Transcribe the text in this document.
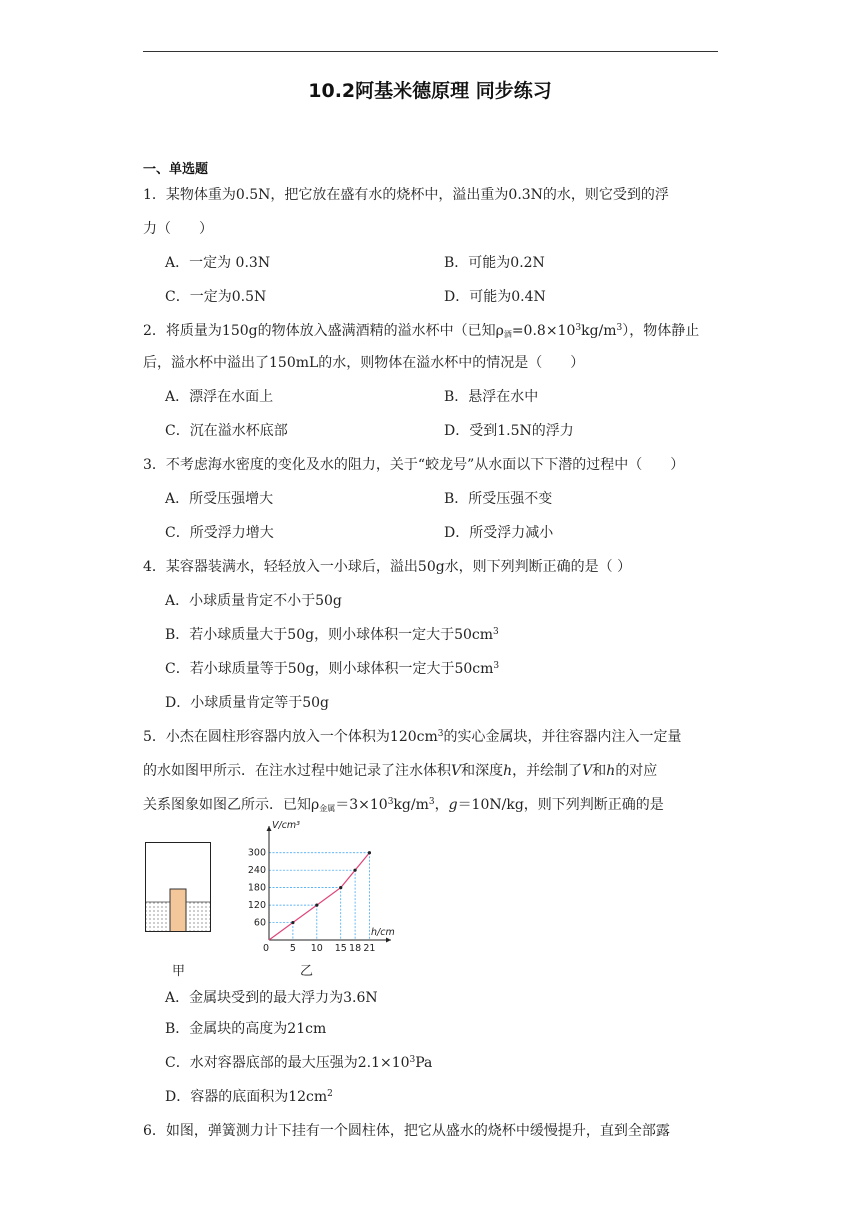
10.2阿基米德原理 同步练习
一、单选题
1．某物体重为0.5N，把它放在盛有水的烧杯中，溢出重为0.3N的水，则它受到的浮
力（　　）
A．一定为 0.3N	B．可能为0.2N
C．一定为0.5N	D．可能为0.4N
2．将质量为150g的物体放入盛满酒精的溢水杯中（已知$\rho_酒=0.8\times 10^3kg/m^3$），物体静止
后，溢水杯中溢出了150mL的水，则物体在溢水杯中的情况是（　　）
A．漂浮在水面上	B．悬浮在水中
C．沉在溢水杯底部	D．受到1.5N的浮力
3．不考虑海水密度的变化及水的阻力，关于“蛟龙号”从水面以下下潜的过程中（　　）
A．所受压强增大	B．所受压强不变
C．所受浮力增大	D．所受浮力减小
4．某容器装满水，轻轻放入一小球后，溢出50g水，则下列判断正确的是（ ）
A．小球质量肯定不小于50g
B．若小球质量大于50g，则小球体积一定大于$50cm^3$
C．若小球质量等于50g，则小球体积一定大于$50cm^3$
D．小球质量肯定等于50g
5．小杰在圆柱形容器内放入一个体积为$120cm^3$的实心金属块，并往容器内注入一定量
的水如图甲所示．在注水过程中她记录了注水体积V和深度h，并绘制了V和h的对应
关系图象如图乙所示．已知$\rho_{金属}=3\times 10^3kg/m^3$，g＝10N/kg，则下列判断正确的是
甲
60
120
180
240
300
0 5 10 15 18 21
V/cm³
h/cm
乙
A．金属块受到的最大浮力为3.6N
B．金属块的高度为21cm
C．水对容器底部的最大压强为$2.1\times 10^3Pa$
D．容器的底面积为$12cm^2$
6．如图，弹簧测力计下挂有一个圆柱体，把它从盛水的烧杯中缓慢提升，直到全部露
